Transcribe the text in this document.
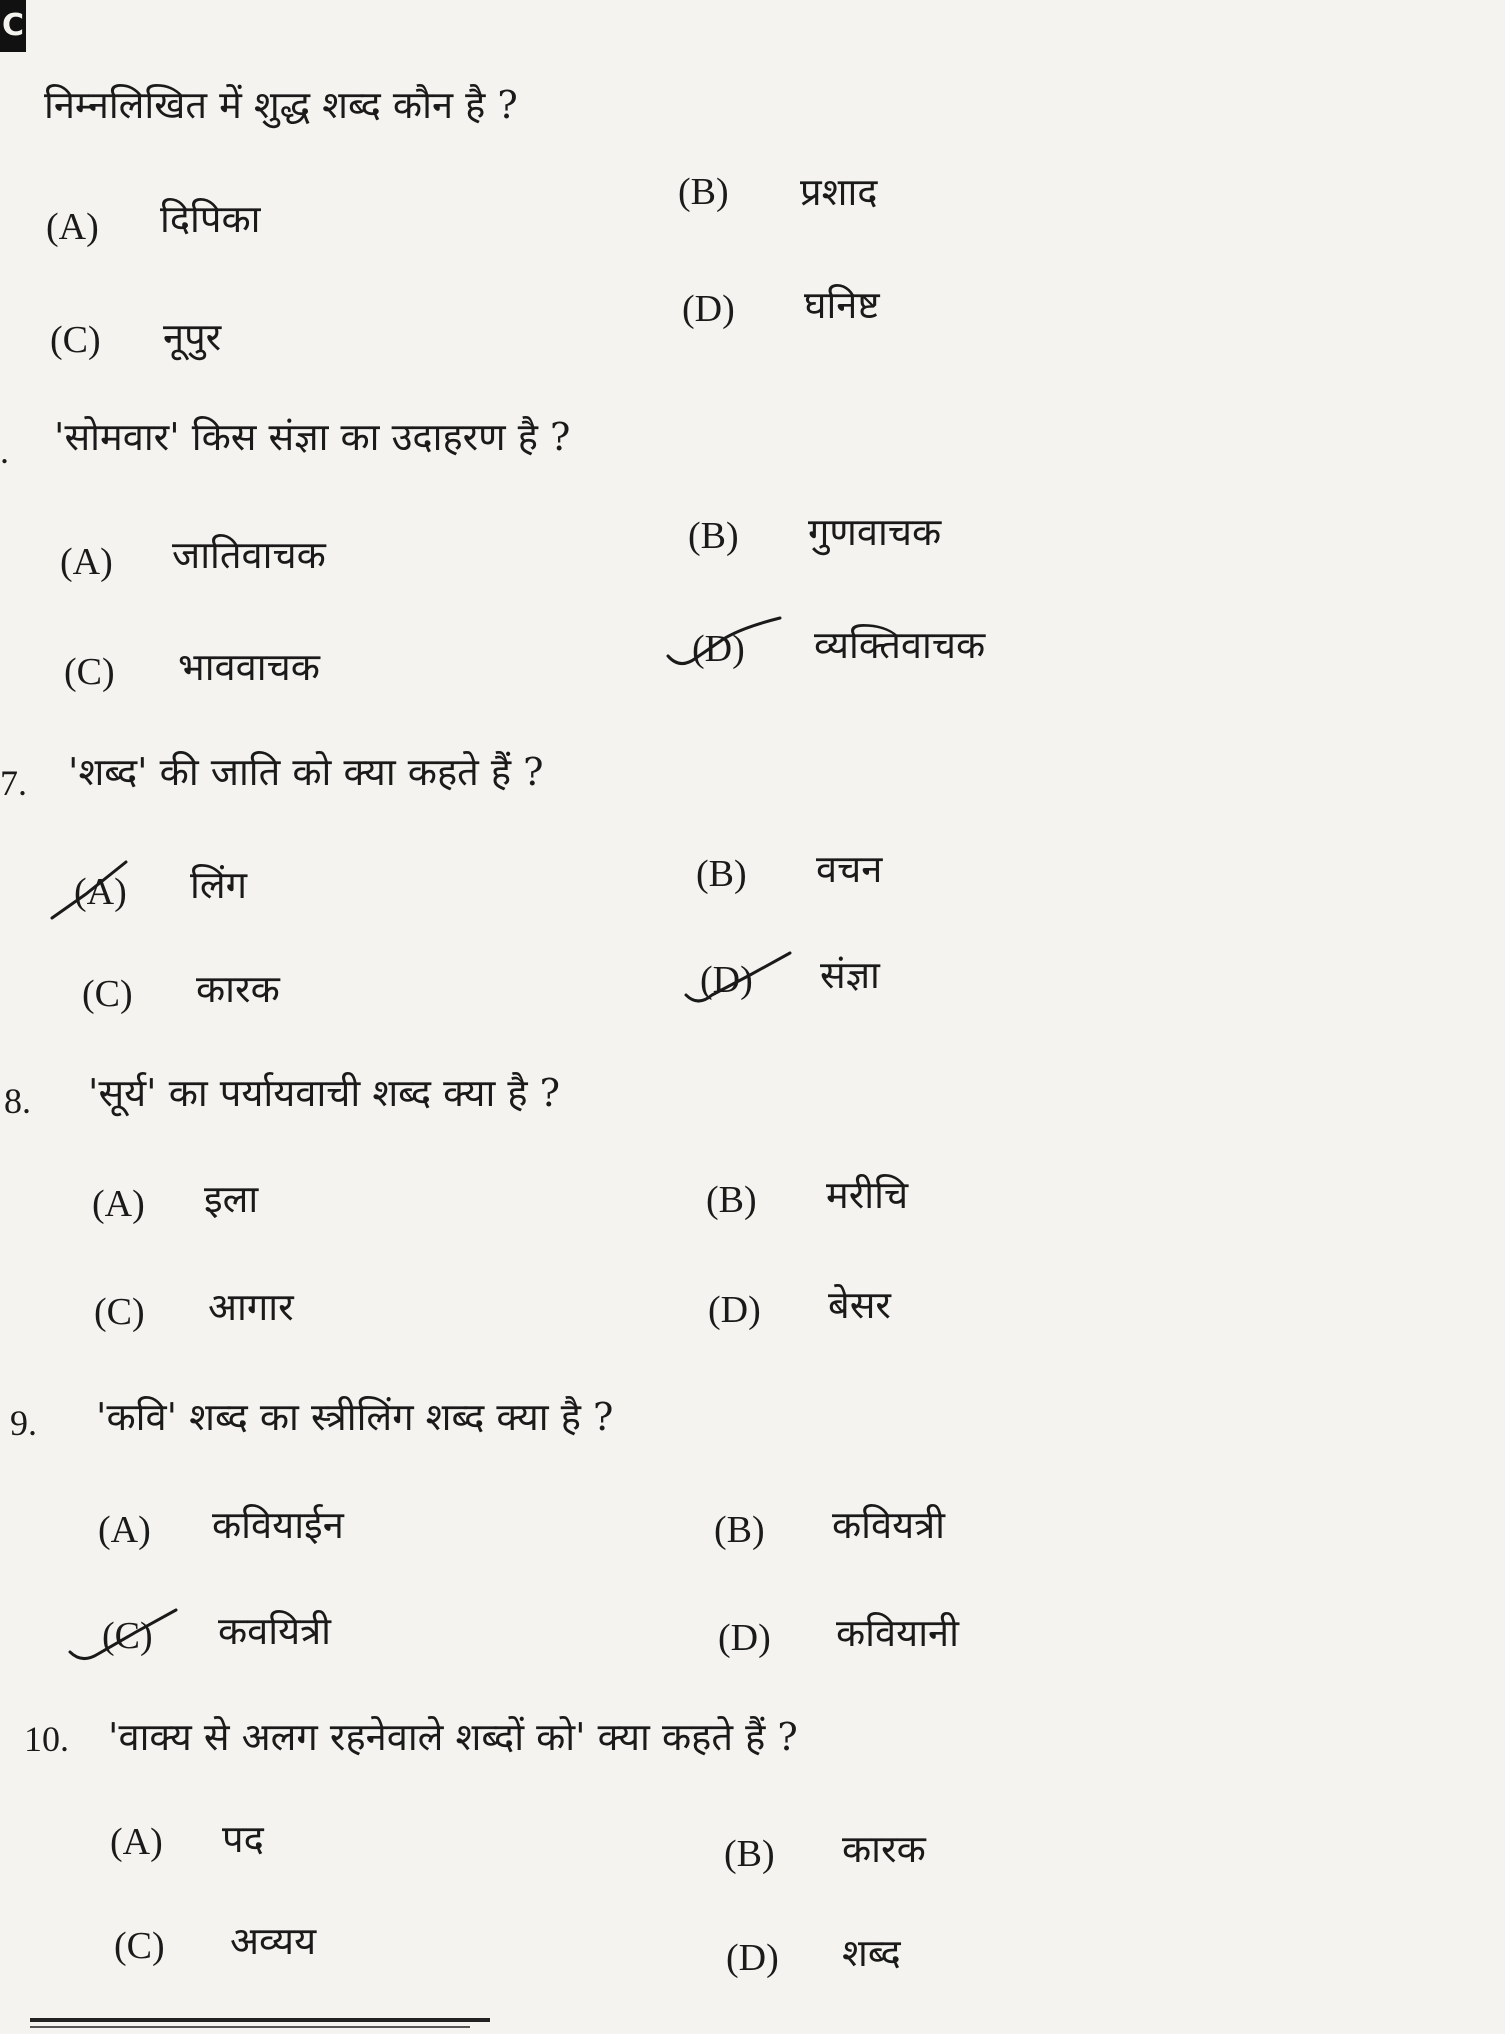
C
निम्नलिखित में शुद्ध शब्द कौन है ?
(A) दिपिका
(B) प्रशाद
(C) नूपुर
(D) घनिष्ट
. 'सोमवार' किस संज्ञा का उदाहरण है ?
(A) जातिवाचक	(B) गुणवाचक
(C) भाववाचक	(D) व्यक्तिवाचक
7. 'शब्द' की जाति को क्या कहते हैं ?
(A) लिंग	(B) वचन
(C) कारक	(D) संज्ञा
8. 'सूर्य' का पर्यायवाची शब्द क्या है ?
(A) इला	(B) मरीचि
(C) आगार	(D) बेसर
9. 'कवि' शब्द का स्त्रीलिंग शब्द क्या है ?
(A) कवियाईन	(B) कवियत्री
(C) कवयित्री	(D) कवियानी
10. 'वाक्य से अलग रहनेवाले शब्दों को' क्या कहते हैं ?
(A) पद	(B) कारक
(C) अव्यय	(D) शब्द
